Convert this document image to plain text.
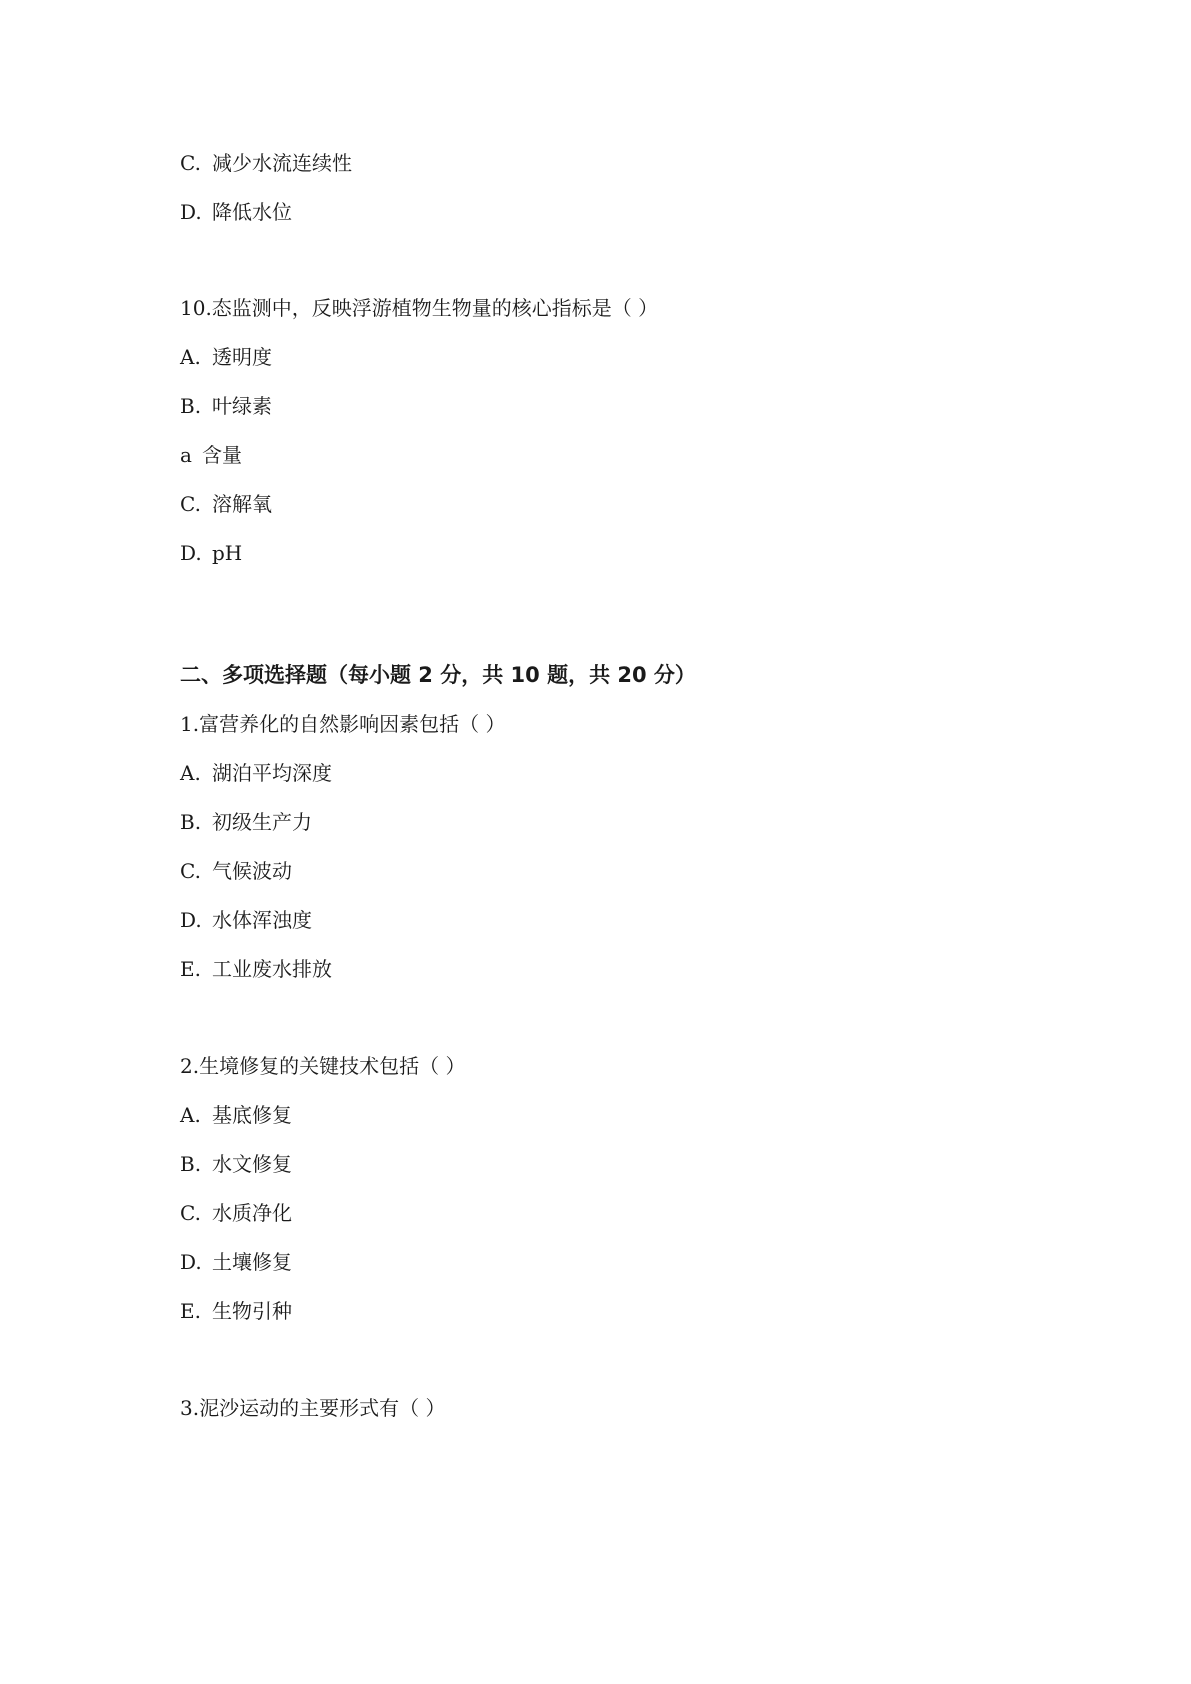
C. 减少水流连续性
D. 降低水位
10.态监测中，反映浮游植物生物量的核心指标是（ ）
A. 透明度
B. 叶绿素
a 含量
C. 溶解氧
D. pH
二、多项选择题（每小题 2 分，共 10 题，共 20 分）
1.富营养化的自然影响因素包括（ ）
A. 湖泊平均深度
B. 初级生产力
C. 气候波动
D. 水体浑浊度
E. 工业废水排放
2.生境修复的关键技术包括（ ）
A. 基底修复
B. 水文修复
C. 水质净化
D. 土壤修复
E. 生物引种
3.泥沙运动的主要形式有（ ）
